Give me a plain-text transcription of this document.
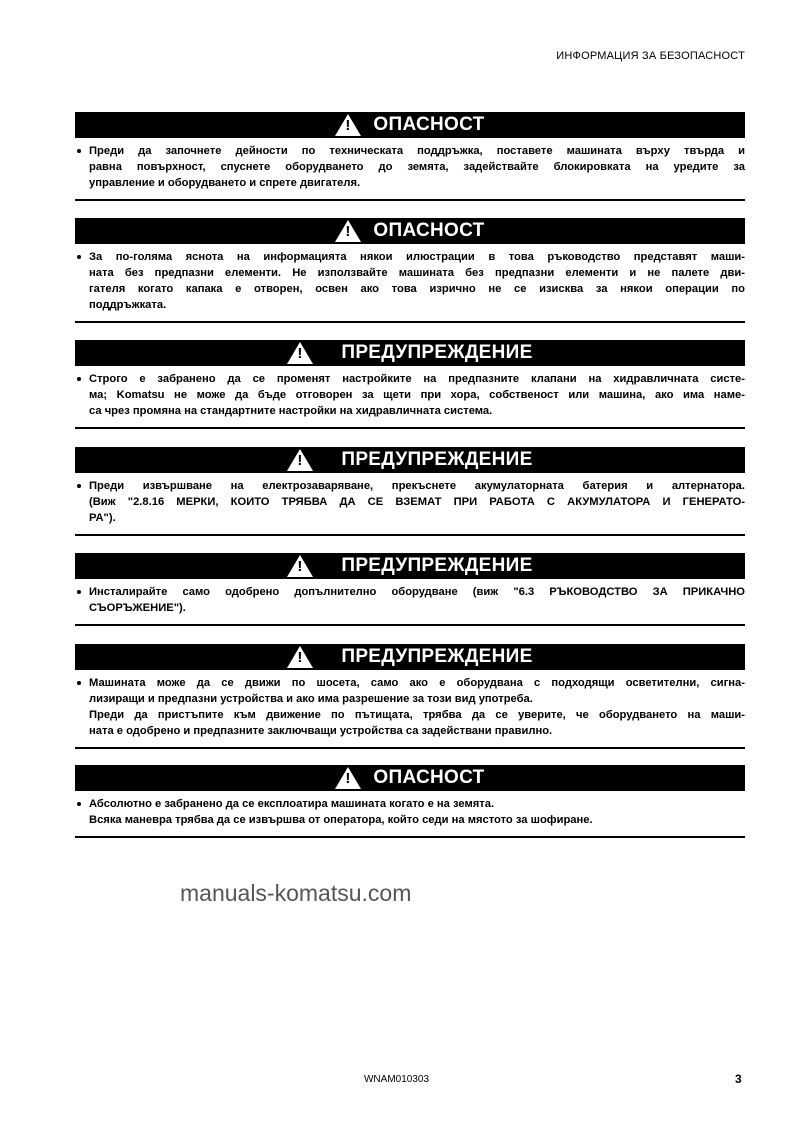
ИНФОРМАЦИЯ ЗА БЕЗОПАСНОСТ
!
ОПАСНОСТ
Преди да започнете дейности по техническата поддръжка, поставете машината върху твърда и
равна повърхност, спуснете оборудването до земята, задействайте блокировката на уредите за
управление и оборудването и спрете двигателя.
!
ОПАСНОСТ
За по-голяма яснота на информацията някои илюстрации в това ръководство представят маши-
ната без предпазни елементи. Не използвайте машината без предпазни елементи и не палете дви-
гателя когато капака е отворен, освен ако това изрично не се изисква за някои операции по
поддръжката.
!
ПРЕДУПРЕЖДЕНИЕ
Строго е забранено да се променят настройките на предпазните клапани на хидравличната систе-
ма; Komatsu не може да бъде отговорен за щети при хора, собственост или машина, ако има наме-
са чрез промяна на стандартните настройки на хидравличната система.
!
ПРЕДУПРЕЖДЕНИЕ
Преди извършване на електрозаваряване, прекъснете акумулаторната батерия и алтернатора.
(Виж "2.8.16 МЕРКИ, КОИТО ТРЯБВА ДА СЕ ВЗЕМАТ ПРИ РАБОТА С АКУМУЛАТОРА И ГЕНЕРАТО-
РА").
!
ПРЕДУПРЕЖДЕНИЕ
Инсталирайте само одобрено допълнително оборудване (виж "6.3 РЪКОВОДСТВО ЗА ПРИКАЧНО
СЪОРЪЖЕНИЕ").
!
ПРЕДУПРЕЖДЕНИЕ
Машината може да се движи по шосета, само ако е оборудвана с подходящи осветителни, сигна-
лизиращи и предпазни устройства и ако има разрешение за този вид употреба.
Преди да пристъпите към движение по пътищата, трябва да се уверите, че оборудването на маши-
ната е одобрено и предпазните заключващи устройства са задействани правилно.
!
ОПАСНОСТ
Абсолютно е забранено да се експлоатира машината когато е на земята.
Всяка маневра трябва да се извършва от оператора, който седи на мястото за шофиране.
manuals-komatsu.com
WNAM010303	3
